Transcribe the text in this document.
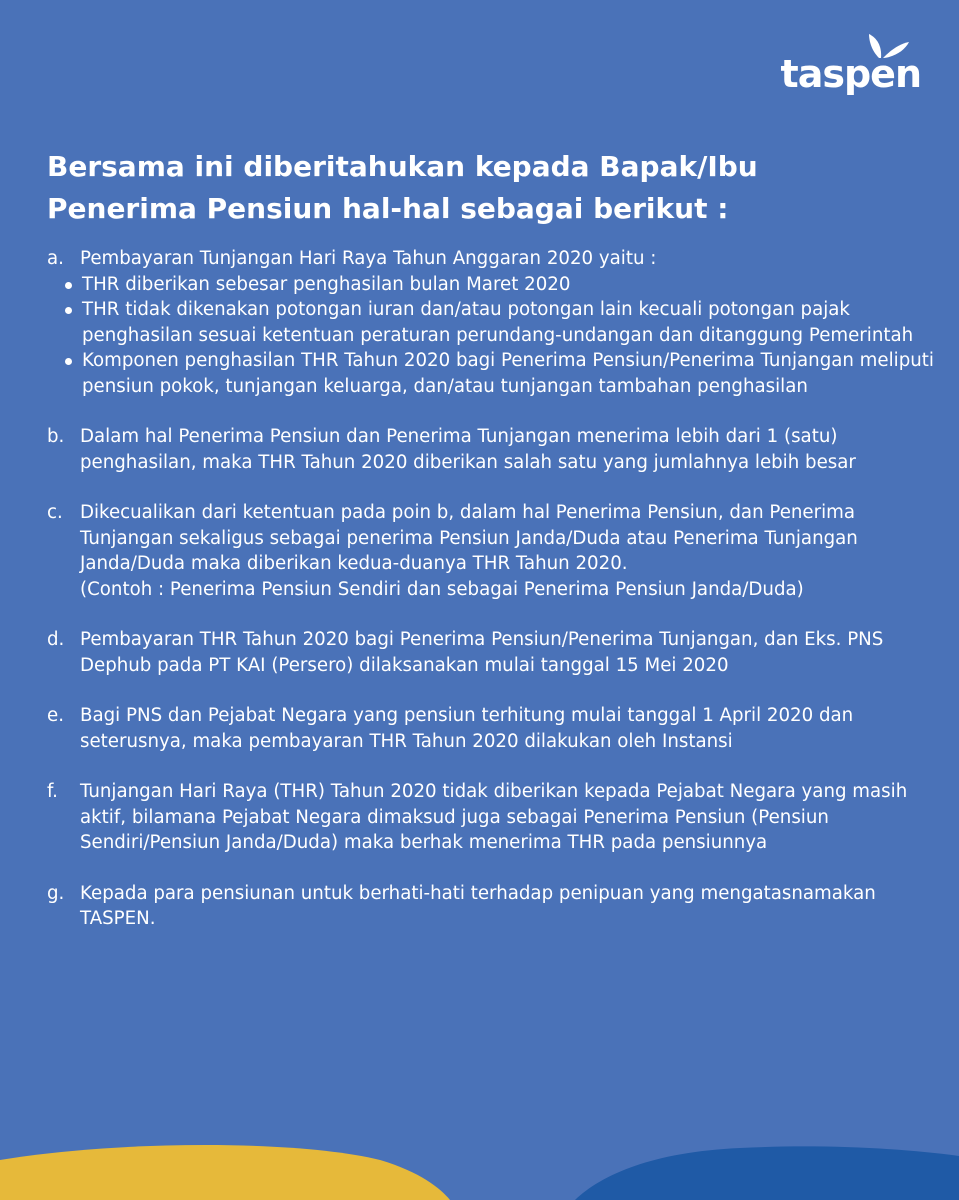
taspen
Bersama ini diberitahukan kepada Bapak/Ibu Penerima Pensiun hal-hal sebagai berikut :
a. Pembayaran Tunjangan Hari Raya Tahun Anggaran 2020 yaitu :

THR diberikan sebesar penghasilan bulan Maret 2020
THR tidak dikenakan potongan iuran dan/atau potongan lain kecuali potongan pajak penghasilan sesuai ketentuan peraturan perundang-undangan dan ditanggung Pemerintah
Komponen penghasilan THR Tahun 2020 bagi Penerima Pensiun/Penerima Tunjangan meliputi pensiun pokok, tunjangan keluarga, dan/atau tunjangan tambahan penghasilan
b. Dalam hal Penerima Pensiun dan Penerima Tunjangan menerima lebih dari 1 (satu) penghasilan, maka THR Tahun 2020 diberikan salah satu yang jumlahnya lebih besar

c. Dikecualikan dari ketentuan pada poin b, dalam hal Penerima Pensiun, dan Penerima Tunjangan sekaligus sebagai penerima Pensiun Janda/Duda atau Penerima Tunjangan Janda/Duda maka diberikan kedua-duanya THR Tahun 2020.

(Contoh : Penerima Pensiun Sendiri dan sebagai Penerima Pensiun Janda/Duda)

d. Pembayaran THR Tahun 2020 bagi Penerima Pensiun/Penerima Tunjangan, dan Eks. PNS Dephub pada PT KAI (Persero) dilaksanakan mulai tanggal 15 Mei 2020

e. Bagi PNS dan Pejabat Negara yang pensiun terhitung mulai tanggal 1 April 2020 dan seterusnya, maka pembayaran THR Tahun 2020 dilakukan oleh Instansi

f. Tunjangan Hari Raya (THR) Tahun 2020 tidak diberikan kepada Pejabat Negara yang masih aktif, bilamana Pejabat Negara dimaksud juga sebagai Penerima Pensiun (Pensiun Sendiri/Pensiun Janda/Duda) maka berhak menerima THR pada pensiunnya

g. Kepada para pensiunan untuk berhati-hati terhadap penipuan yang mengatasnamakan TASPEN.
